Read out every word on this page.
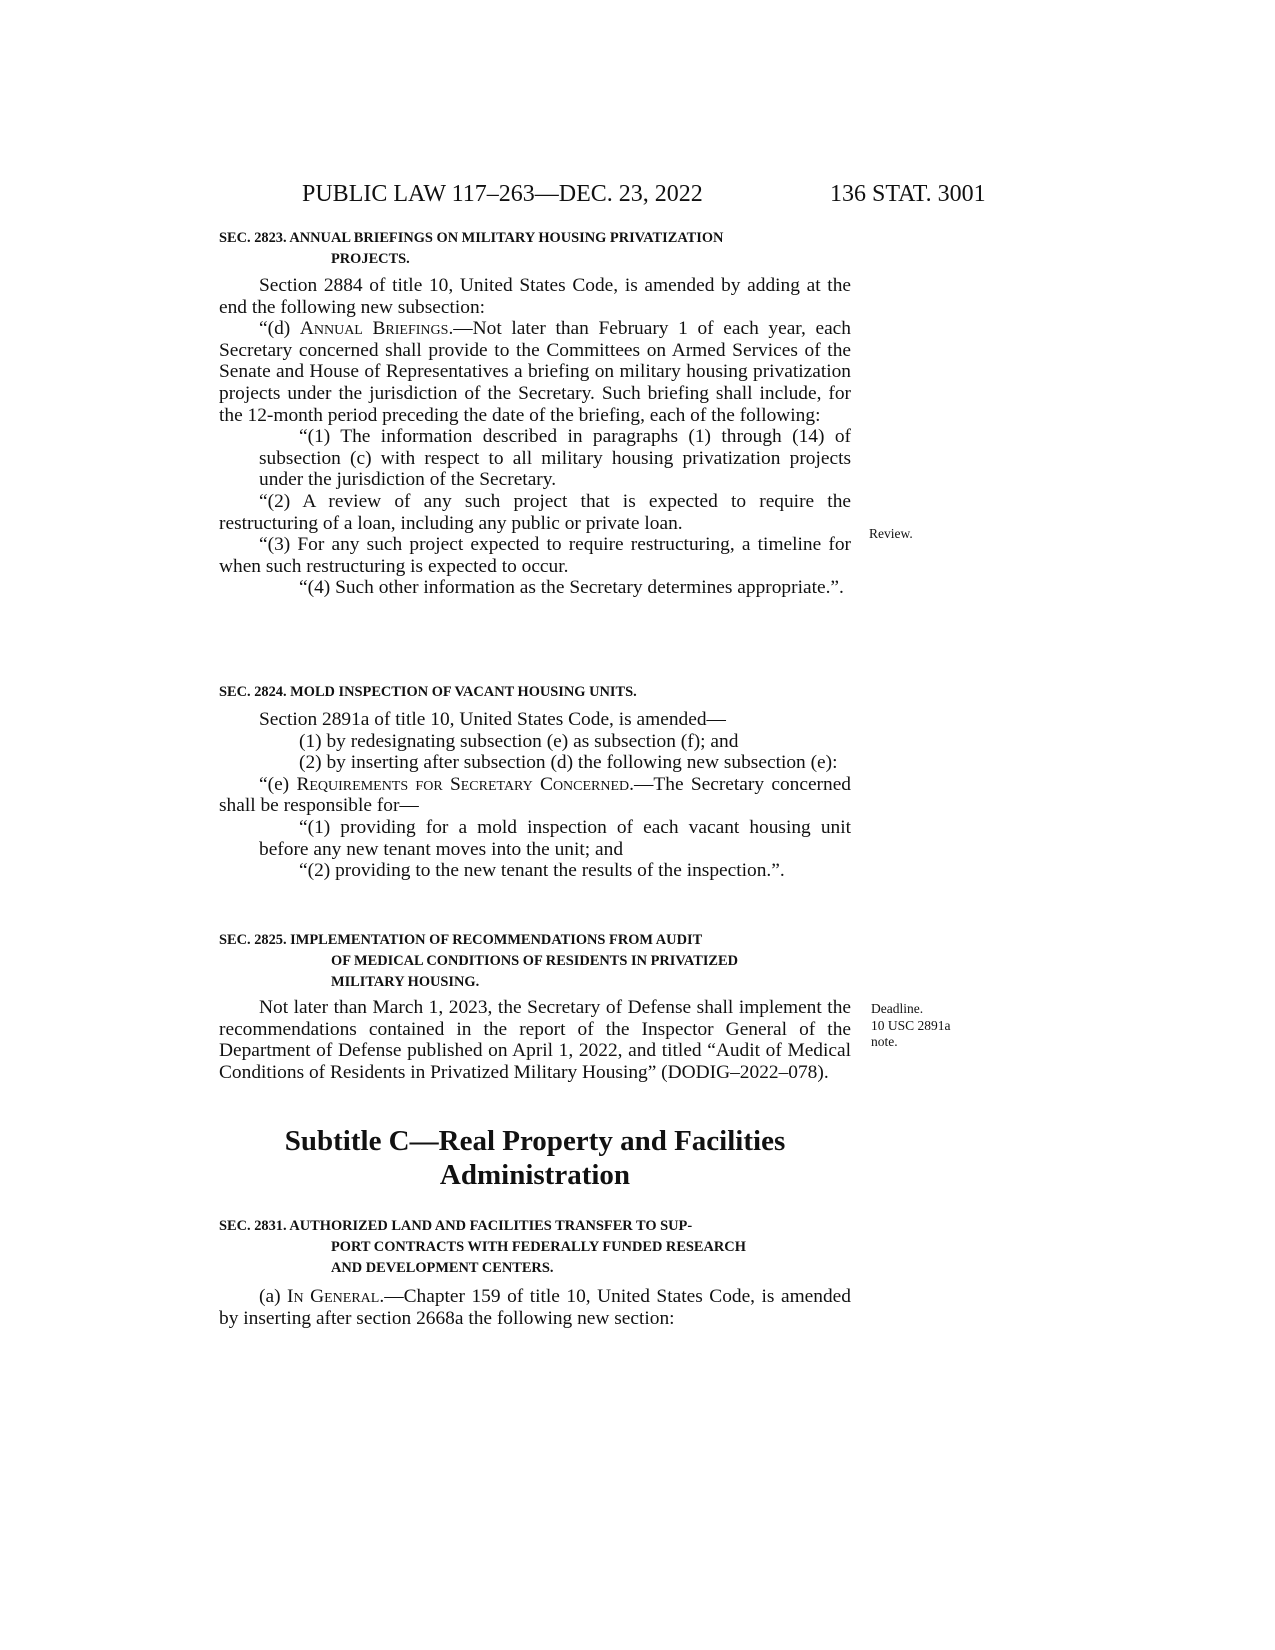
PUBLIC LAW 117–263—DEC. 23, 2022	136 STAT. 3001
SEC. 2823. ANNUAL BRIEFINGS ON MILITARY HOUSING PRIVATIZATION
PROJECTS.

Section 2884 of title 10, United States Code, is amended by adding at the end the following new subsection:

“(d) Annual Briefings.—Not later than February 1 of each year, each Secretary concerned shall provide to the Committees on Armed Services of the Senate and House of Representatives a briefing on military housing privatization projects under the jurisdiction of the Secretary. Such briefing shall include, for the 12-month period preceding the date of the briefing, each of the following:

“(1) The information described in paragraphs (1) through (14) of subsection (c) with respect to all military housing privatization projects under the jurisdiction of the Secretary.

“(2) A review of any such project that is expected to require the restructuring of a loan, including any public or private loan.

“(3) For any such project expected to require restructuring, a timeline for when such restructuring is expected to occur.

“(4) Such other information as the Secretary determines appropriate.”.

Review.
SEC. 2824. MOLD INSPECTION OF VACANT HOUSING UNITS.

Section 2891a of title 10, United States Code, is amended—

(1) by redesignating subsection (e) as subsection (f); and

(2) by inserting after subsection (d) the following new subsection (e):

“(e) Requirements for Secretary Concerned.—The Secretary concerned shall be responsible for—

“(1) providing for a mold inspection of each vacant housing unit before any new tenant moves into the unit; and

“(2) providing to the new tenant the results of the inspection.”.

SEC. 2825. IMPLEMENTATION OF RECOMMENDATIONS FROM AUDIT
OF MEDICAL CONDITIONS OF RESIDENTS IN PRIVATIZED
MILITARY HOUSING.

Not later than March 1, 2023, the Secretary of Defense shall implement the recommendations contained in the report of the Inspector General of the Department of Defense published on April 1, 2022, and titled “Audit of Medical Conditions of Residents in Privatized Military Housing” (DODIG–2022–078).

Deadline.
10 USC 2891a
note.
Subtitle C—Real Property and Facilities
Administration
SEC. 2831. AUTHORIZED LAND AND FACILITIES TRANSFER TO SUP-
PORT CONTRACTS WITH FEDERALLY FUNDED RESEARCH
AND DEVELOPMENT CENTERS.

(a) In General.—Chapter 159 of title 10, United States Code, is amended by inserting after section 2668a the following new section:
